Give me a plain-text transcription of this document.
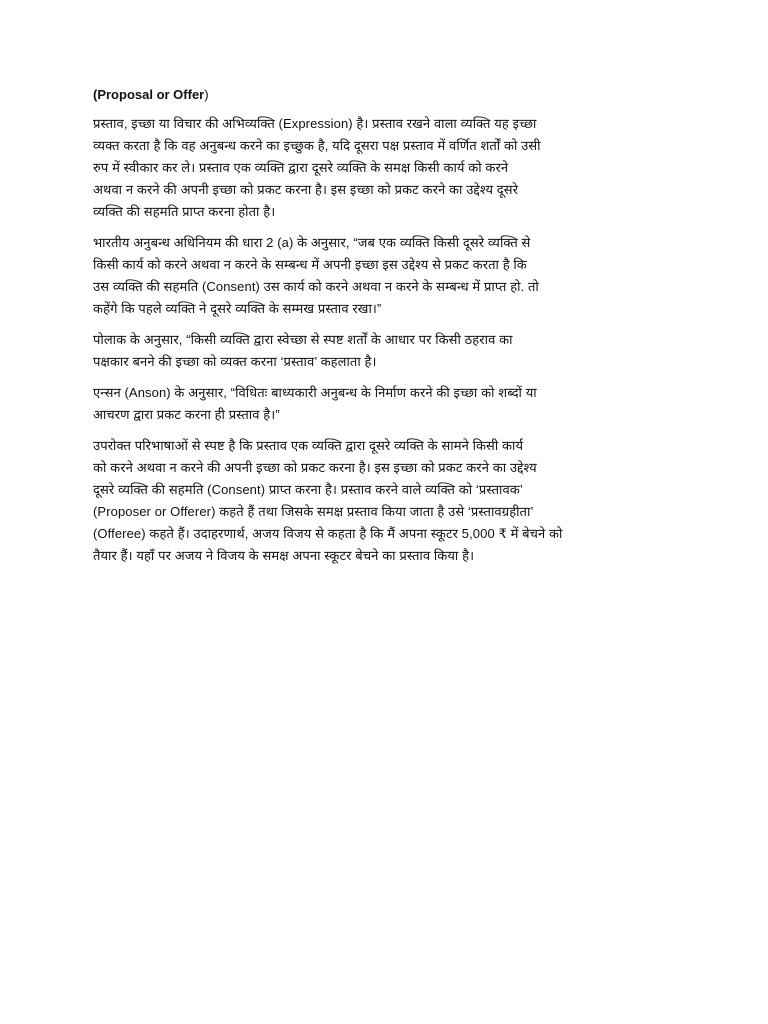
(Proposal or Offer)
प्रस्ताव, इच्छा या विचार की अभिव्यक्ति (Expression) है। प्रस्ताव रखने वाला व्यक्ति यह इच्छा
व्यक्त करता है कि वह अनुबन्ध करने का इच्छुक है, यदि दूसरा पक्ष प्रस्ताव में वर्णित शर्तों को उसी
रुप में स्वीकार कर ले। प्रस्ताव एक व्यक्ति द्वारा दूसरे व्यक्ति के समक्ष किसी कार्य को करने
अथवा न करने की अपनी इच्छा को प्रकट करना है। इस इच्छा को प्रकट करने का उद्देश्य दूसरे
व्यक्ति की सहमति प्राप्त करना होता है।
भारतीय अनुबन्ध अधिनियम की धारा 2 (a) के अनुसार, “जब एक व्यक्ति किसी दूसरे व्यक्ति से
किसी कार्य को करने अथवा न करने के सम्बन्ध में अपनी इच्छा इस उद्देश्य से प्रकट करता है कि
उस व्यक्ति की सहमति (Consent) उस कार्य को करने अथवा न करने के सम्बन्ध में प्राप्त हो. तो
कहेंगे कि पहले व्यक्ति ने दूसरे व्यक्ति के सम्मख प्रस्ताव रखा।”
पोलाक के अनुसार, “किसी व्यक्ति द्वारा स्वेच्छा से स्पष्ट शर्तों के आधार पर किसी ठहराव का
पक्षकार बनने की इच्छा को व्यक्त करना ‘प्रस्ताव’ कहलाता है।
एन्सन (Anson) के अनुसार, “विधितः बाध्यकारी अनुबन्ध के निर्माण करने की इच्छा को शब्दों या
आचरण द्वारा प्रकट करना ही प्रस्ताव है।”
उपरोक्त परिभाषाओं से स्पष्ट है कि प्रस्ताव एक व्यक्ति द्वारा दूसरे व्यक्ति के सामने किसी कार्य
को करने अथवा न करने की अपनी इच्छा को प्रकट करना है। इस इच्छा को प्रकट करने का उद्देश्य
दूसरे व्यक्ति की सहमति (Consent) प्राप्त करना है। प्रस्ताव करने वाले व्यक्ति को ‘प्रस्तावक’
(Proposer or Offerer) कहते हैं तथा जिसके समक्ष प्रस्ताव किया जाता है उसे ‘प्रस्तावग्रहीता’
(Offeree) कहते हैं। उदाहरणार्थ, अजय विजय से कहता है कि मैं अपना स्कूटर 5,000 ₹ में बेचने को
तैयार हैं। यहाँ पर अजय ने विजय के समक्ष अपना स्कूटर बेचने का प्रस्ताव किया है।
